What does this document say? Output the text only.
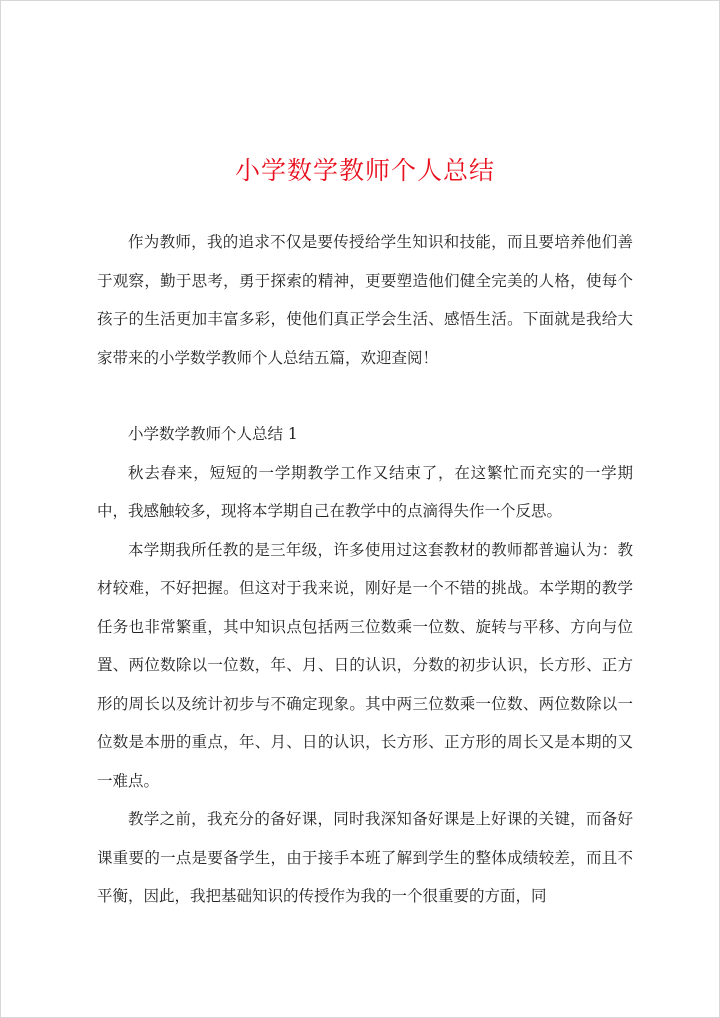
小学数学教师个人总结

作为教师，我的追求不仅是要传授给学生知识和技能，而且要培养他们善于观察，勤于思考，勇于探索的精神，更要塑造他们健全完美的人格，使每个孩子的生活更加丰富多彩，使他们真正学会生活、感悟生活。下面就是我给大家带来的小学数学教师个人总结五篇，欢迎查阅！

小学数学教师个人总结 1

秋去春来，短短的一学期教学工作又结束了，在这繁忙而充实的一学期中，我感触较多，现将本学期自己在教学中的点滴得失作一个反思。

本学期我所任教的是三年级，许多使用过这套教材的教师都普遍认为：教材较难，不好把握。但这对于我来说，刚好是一个不错的挑战。本学期的教学任务也非常繁重，其中知识点包括两三位数乘一位数、旋转与平移、方向与位置、两位数除以一位数，年、月、日的认识，分数的初步认识，长方形、正方形的周长以及统计初步与不确定现象。其中两三位数乘一位数、两位数除以一位数是本册的重点，年、月、日的认识，长方形、正方形的周长又是本期的又一难点。

教学之前，我充分的备好课，同时我深知备好课是上好课的关键，而备好课重要的一点是要备学生，由于接手本班了解到学生的整体成绩较差，而且不平衡，因此，我把基础知识的传授作为我的一个很重要的方面，同
